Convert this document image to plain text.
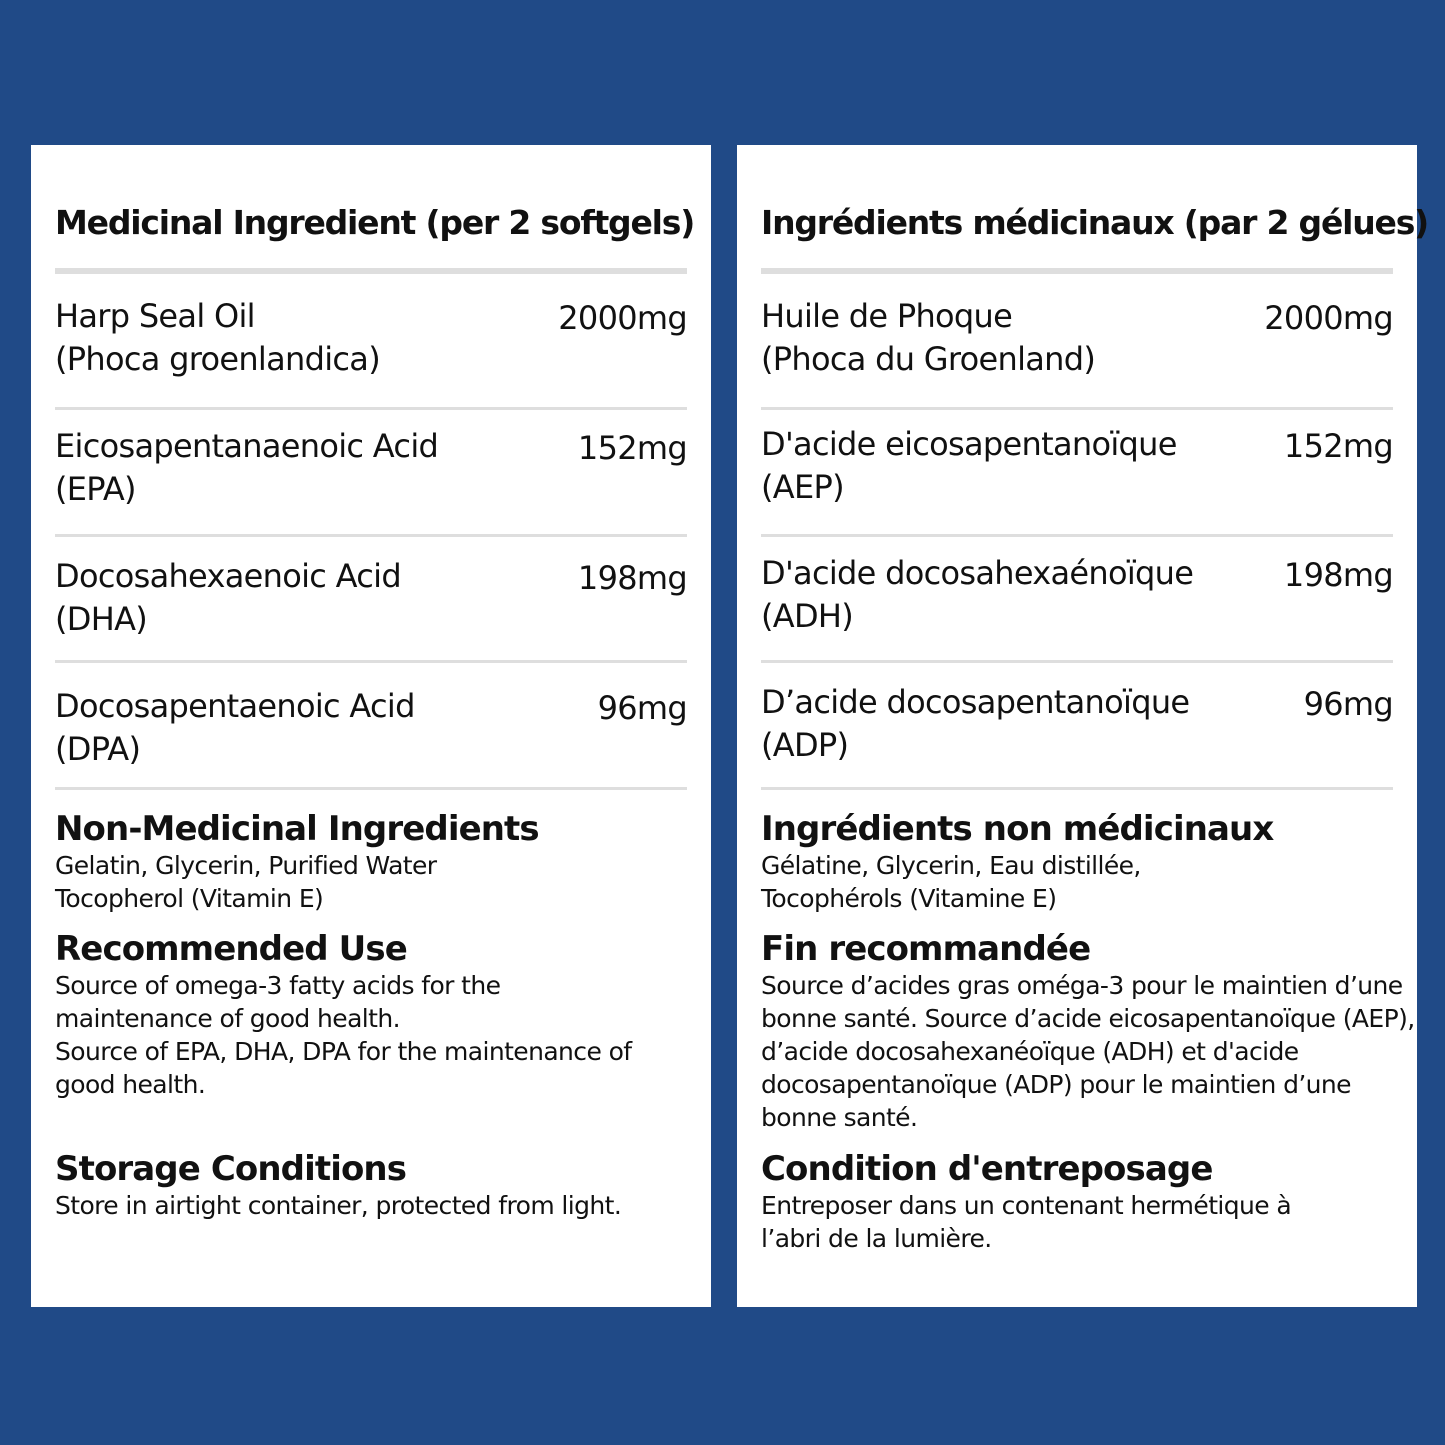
Medicinal Ingredient (per 2 softgels)
Harp Seal Oil
(Phoca groenlandica)
2000mg
Eicosapentanaenoic Acid
(EPA)
152mg
Docosahexaenoic Acid
(DHA)
198mg
Docosapentaenoic Acid
(DPA)
96mg
Non-Medicinal Ingredients
Gelatin, Glycerin, Purified Water
Tocopherol (Vitamin E)
Recommended Use
Source of omega-3 fatty acids for the
maintenance of good health.
Source of EPA, DHA, DPA for the maintenance of
good health.
Storage Conditions
Store in airtight container, protected from light.
Ingrédients médicinaux (par 2 gélues)
Huile de Phoque
(Phoca du Groenland)
2000mg
D'acide eicosapentanoïque
(AEP)
152mg
D'acide docosahexaénoïque
(ADH)
198mg
D’acide docosapentanoïque
(ADP)
96mg
Ingrédients non médicinaux
Gélatine, Glycerin, Eau distillée,
Tocophérols (Vitamine E)
Fin recommandée
Source d’acides gras oméga-3 pour le maintien d’une
bonne santé. Source d’acide eicosapentanoïque (AEP),
d’acide docosahexanéoïque (ADH) et d'acide
docosapentanoïque (ADP) pour le maintien d’une
bonne santé.
Condition d'entreposage
Entreposer dans un contenant hermétique à
l’abri de la lumière.
